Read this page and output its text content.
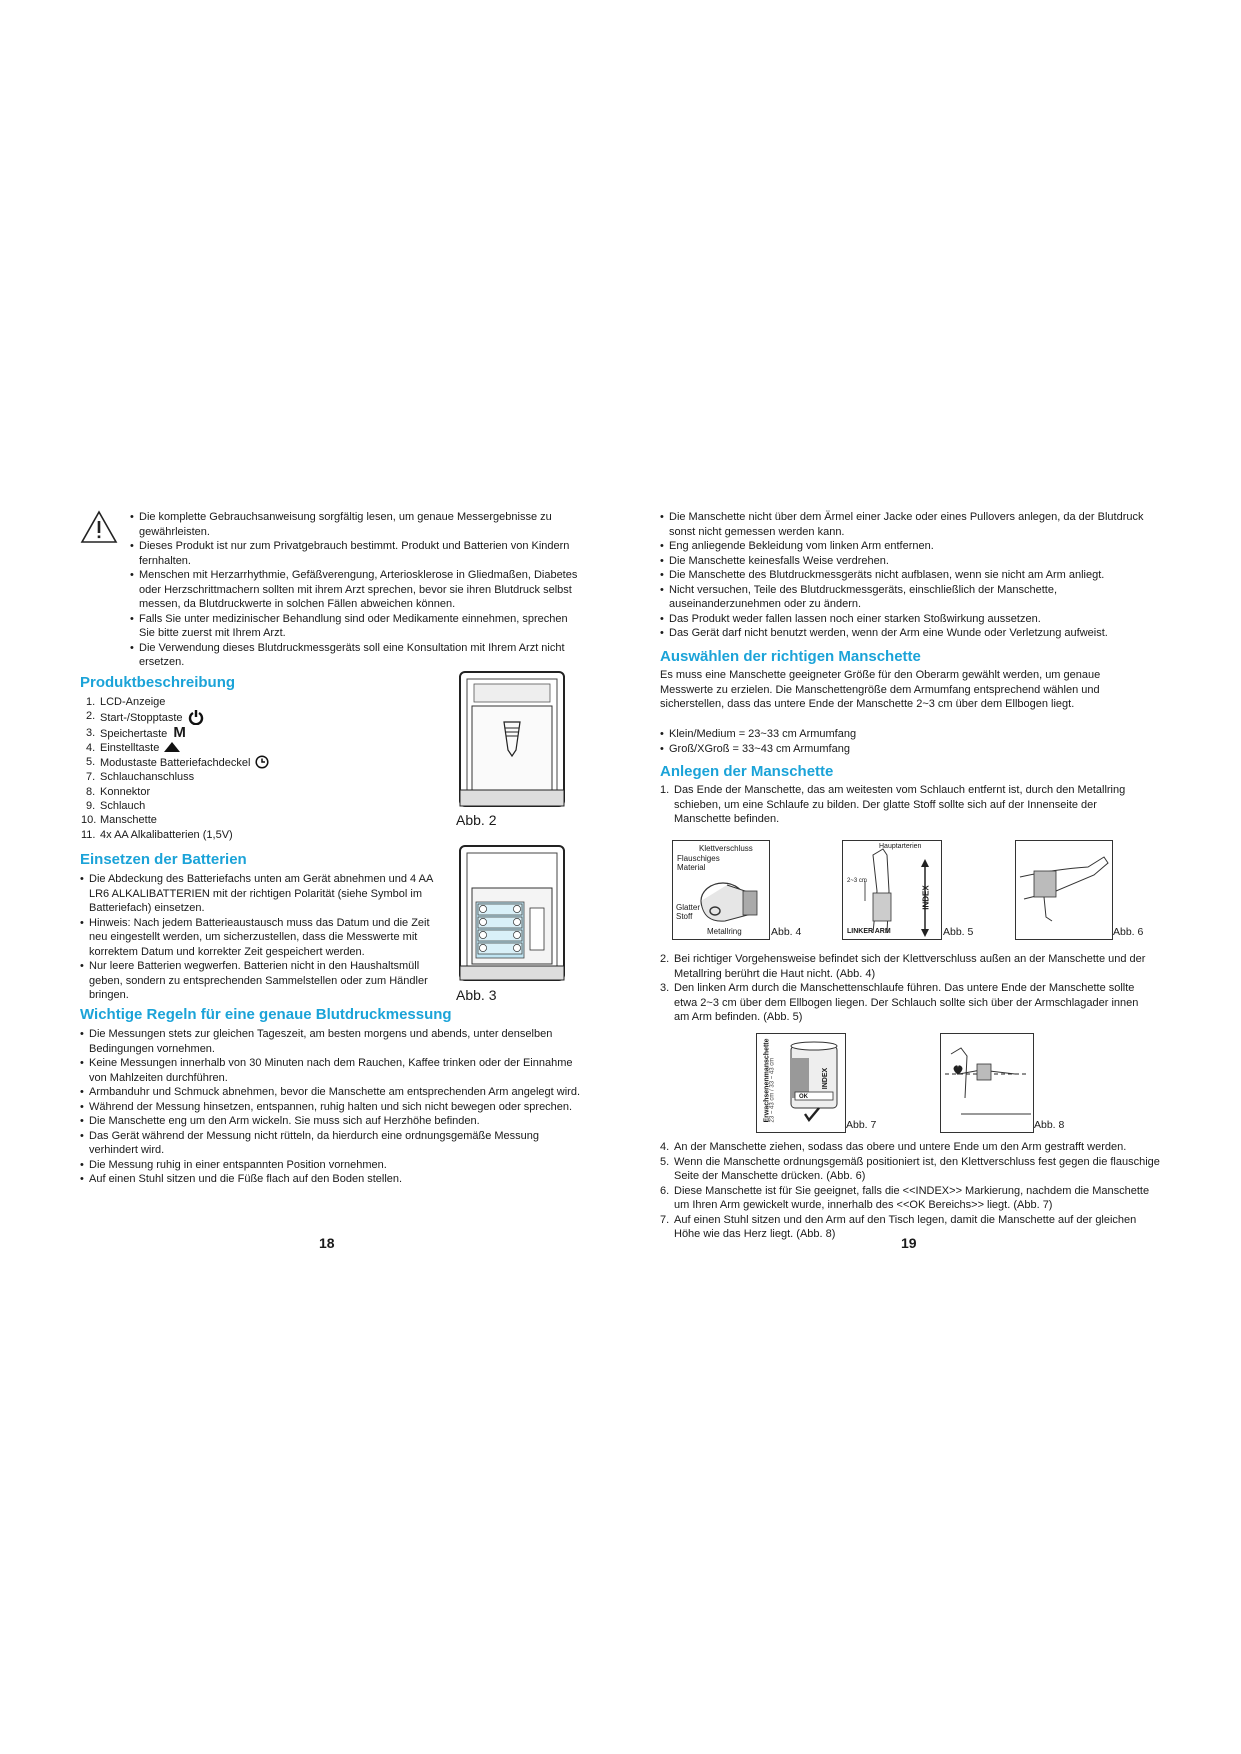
• Die komplette Gebrauchsanweisung sorgfältig lesen, um genaue Messergebnisse zu gewährleisten.
• Dieses Produkt ist nur zum Privatgebrauch bestimmt. Produkt und Batterien von Kindern fernhalten.
• Menschen mit Herzarrhythmie, Gefäßverengung, Arteriosklerose in Gliedmaßen, Diabetes oder Herzschrittmachern sollten mit ihrem Arzt sprechen, bevor sie ihren Blutdruck selbst messen, da Blutdruckwerte in solchen Fällen abweichen können.
• Falls Sie unter medizinischer Behandlung sind oder Medikamente einnehmen, sprechen Sie bitte zuerst mit Ihrem Arzt.
• Die Verwendung dieses Blutdruckmessgeräts soll eine Konsultation mit Ihrem Arzt nicht ersetzen.
Produktbeschreibung
1. LCD-Anzeige
2. Start-/Stopptaste
3. Speichertaste M
4. Einstelltaste
5. Modustaste Batteriefachdeckel
7. Schlauchanschluss
8. Konnektor
9. Schlauch
10. Manschette
11. 4x AA Alkalibatterien (1,5V)
Abb. 2
Einsetzen der Batterien
• Die Abdeckung des Batteriefachs unten am Gerät abnehmen und 4 AA LR6 ALKALIBATTERIEN mit der richtigen Polarität (siehe Symbol im Batteriefach) einsetzen.
• Hinweis: Nach jedem Batterieaustausch muss das Datum und die Zeit neu eingestellt werden, um sicherzustellen, dass die Messwerte mit korrektem Datum und korrekter Zeit gespeichert werden.
• Nur leere Batterien wegwerfen. Batterien nicht in den Haushaltsmüll geben, sondern zu entsprechenden Sammelstellen oder zum Händler bringen.	Abb. 3
Wichtige Regeln für eine genaue Blutdruckmessung
• Die Messungen stets zur gleichen Tageszeit, am besten morgens und abends, unter denselben Bedingungen vornehmen.
• Keine Messungen innerhalb von 30 Minuten nach dem Rauchen, Kaffee trinken oder der Einnahme von Mahlzeiten durchführen.
• Armbanduhr und Schmuck abnehmen, bevor die Manschette am entsprechenden Arm angelegt wird.
• Während der Messung hinsetzen, entspannen, ruhig halten und sich nicht bewegen oder sprechen.
• Die Manschette eng um den Arm wickeln. Sie muss sich auf Herzhöhe befinden.
• Das Gerät während der Messung nicht rütteln, da hierdurch eine ordnungsgemäße Messung verhindert wird.
• Die Messung ruhig in einer entspannten Position vornehmen.
• Auf einen Stuhl sitzen und die Füße flach auf den Boden stellen.
18
• Die Manschette nicht über dem Ärmel einer Jacke oder eines Pullovers anlegen, da der Blutdruck sonst nicht gemessen werden kann.
• Eng anliegende Bekleidung vom linken Arm entfernen.
• Die Manschette keinesfalls Weise verdrehen.
• Die Manschette des Blutdruckmessgeräts nicht aufblasen, wenn sie nicht am Arm anliegt.
• Nicht versuchen, Teile des Blutdruckmessgeräts, einschließlich der Manschette, auseinanderzunehmen oder zu ändern.
• Das Produkt weder fallen lassen noch einer starken Stoßwirkung aussetzen.
• Das Gerät darf nicht benutzt werden, wenn der Arm eine Wunde oder Verletzung aufweist.
Auswählen der richtigen Manschette

Es muss eine Manschette geeigneter Größe für den Oberarm gewählt werden, um genaue Messwerte zu erzielen. Die Manschettengröße dem Armumfang entsprechend wählen und sicherstellen, dass das untere Ende der Manschette 2~3 cm über dem Ellbogen liegt.

• Klein/Medium = 23~33 cm Armumfang
• Groß/XGroß = 33~43 cm Armumfang
Anlegen der Manschette
1. Das Ende der Manschette, das am weitesten vom Schlauch entfernt ist, durch den Metallring schieben, um eine Schlaufe zu bilden. Der glatte Stoff sollte sich auf der Innenseite der Manschette befinden.
Klettverschluss
Flauschiges Material
Glatter Stoff
Metallring	Abb. 4
Hauptarterien
2~3 cm
INDEX
LINKER ARM	Abb. 5	Abb. 6
2. Bei richtiger Vorgehensweise befindet sich der Klettverschluss außen an der Manschette und der Metallring berührt die Haut nicht. (Abb. 4)
3. Den linken Arm durch die Manschettenschlaufe führen. Das untere Ende der Manschette sollte etwa 2~3 cm über dem Ellbogen liegen. Der Schlauch sollte sich über der Armschlagader innen am Arm befinden. (Abb. 5)
Erwachsenenmanschette 23 ~ 43 cm / 33 ~ 43 cm	INDEX
OK
Abb. 7	Abb. 8
4. An der Manschette ziehen, sodass das obere und untere Ende um den Arm gestrafft werden.
5. Wenn die Manschette ordnungsgemäß positioniert ist, den Klettverschluss fest gegen die flauschige Seite der Manschette drücken. (Abb. 6)
6. Diese Manschette ist für Sie geeignet, falls die <<INDEX>> Markierung, nachdem die Manschette um Ihren Arm gewickelt wurde, innerhalb des <<OK Bereichs>> liegt. (Abb. 7)
7. Auf einen Stuhl sitzen und den Arm auf den Tisch legen, damit die Manschette auf der gleichen Höhe wie das Herz liegt. (Abb. 8)
19
